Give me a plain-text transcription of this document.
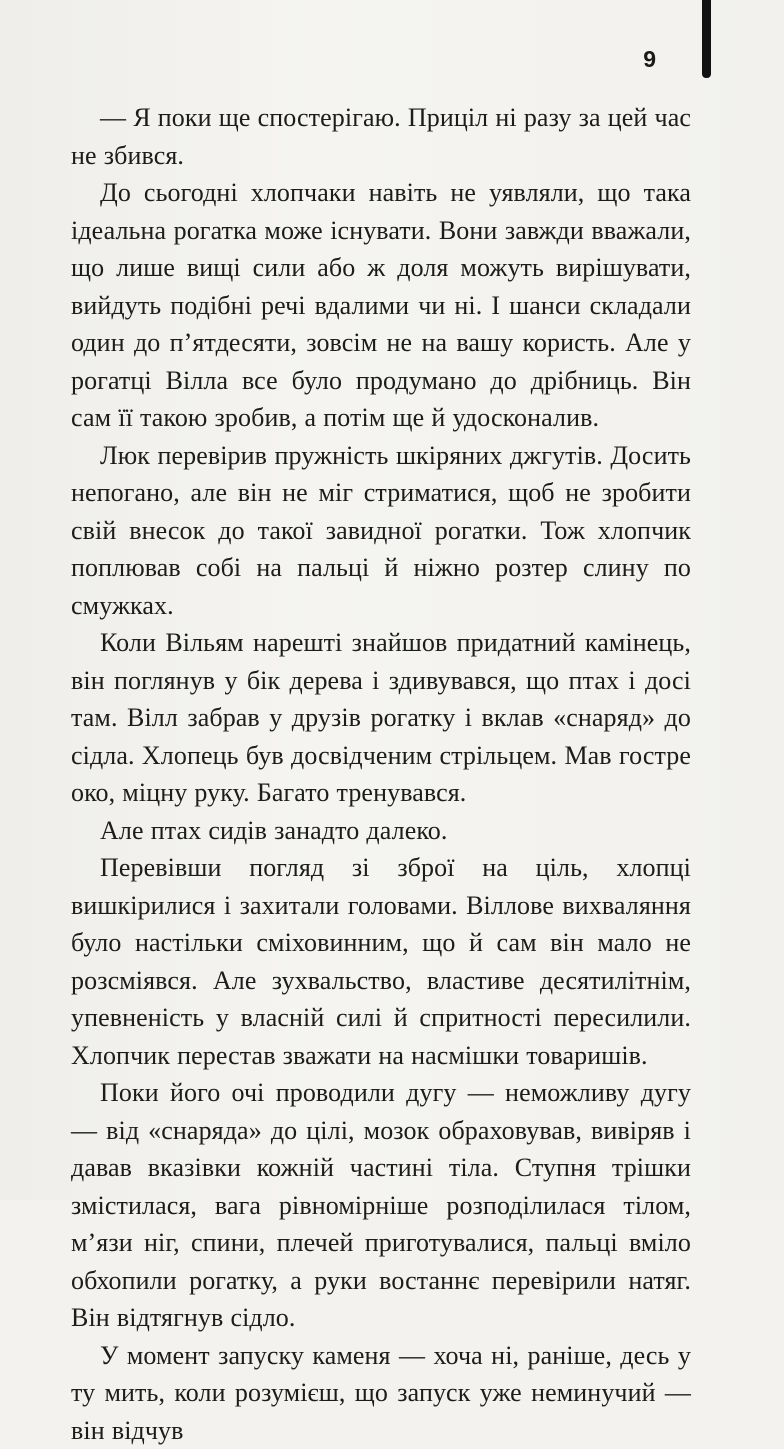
9

— Я поки ще спостерігаю. Приціл ні разу за цей час не збився.

До сьогодні хлопчаки навіть не уявляли, що така ідеальна рогатка може існувати. Вони завжди вважали, що лише вищі сили або ж доля можуть вирішувати, вийдуть подібні речі вдалими чи ні. І шанси складали один до п’ятдесяти, зовсім не на вашу користь. Але у рогатці Вілла все було продумано до дрібниць. Він сам її такою зробив, а потім ще й удосконалив.

Люк перевірив пружність шкіряних джгутів. Досить непогано, але він не міг стриматися, щоб не зробити свій внесок до такої завидної рогатки. Тож хлопчик поплював собі на пальці й ніжно розтер слину по смужках.

Коли Вільям нарешті знайшов придатний камінець, він поглянув у бік дерева і здивувався, що птах і досі там. Вілл забрав у друзів рогатку і вклав «снаряд» до сідла. Хлопець був досвідченим стрільцем. Мав гостре око, міцну руку. Багато тренувався.

Але птах сидів занадто далеко.

Перевівши погляд зі зброї на ціль, хлопці вишкірилися і захитали головами. Віллове вихваляння було настільки сміховинним, що й сам він мало не розсміявся. Але зухвальство, властиве десятилітнім, упевненість у власній силі й спритності пересилили. Хлопчик перестав зважати на насмішки товаришів.

Поки його очі проводили дугу — неможливу дугу — від «снаряда» до цілі, мозок обраховував, вивіряв і давав вказівки кожній частині тіла. Ступня трішки змістилася, вага рівномірніше розподілилася тілом, м’язи ніг, спини, плечей приготувалися, пальці вміло обхопили рогатку, а руки востаннє перевірили натяг. Він відтягнув сідло.

У момент запуску каменя — хоча ні, раніше, десь у ту мить, коли розумієш, що запуск уже неминучий — він відчув
